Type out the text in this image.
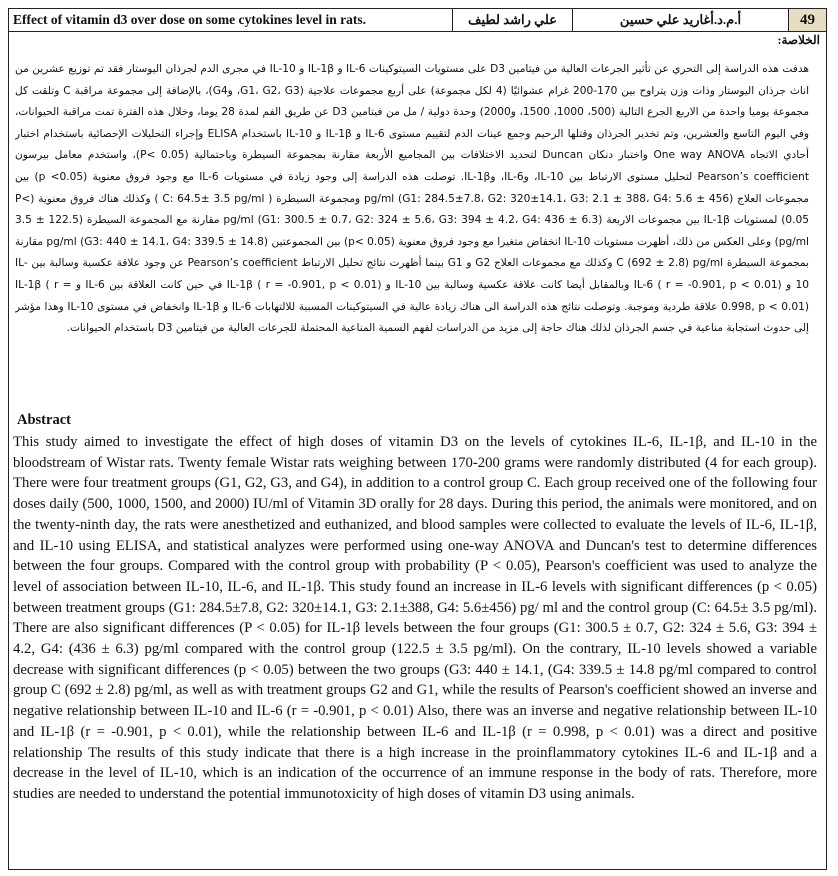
Effect of vitamin d3 over dose on some cytokines level in rats.	علي راشد لطيف	أ.م.د.أغاريد علي حسين	49
الخلاصة:
هدفت هذه الدراسة إلى التحري عن تأثير الجرعات العالية من فيتامين D3 على مستويات السيتوكينات IL-6 و IL-1β و IL-10 في مجرى الدم لجرذان اليوستار فقد تم توزيع عشرين من اناث جرذان اليوستار وذات وزن يتراوح بين 170-200 غرام عشوائيًا (4 لكل مجموعة) على أربع مجموعات علاجية (G1، G2، G3، وG4)، بالإضافة إلى مجموعة مراقبة C وتلقت كل مجموعة يوميا واحدة من الاربع الجرع التالية (500، 1000، 1500، و2000) وحدة دولية / مل من فيتامين D3 عن طريق الفم لمدة 28 يوما، وخلال هذه الفترة تمت مراقبة الحيوانات، وفي اليوم التاسع والعشرين، وتم تخدير الجرذان وقتلها الرحيم وجمع عينات الدم لتقييم مستوى IL-6 و IL-1β و IL-10 باستخدام ELISA وإجراء التحليلات الإحصائية باستخدام اختبار أحادي الاتجاه One way ANOVA واختبار دنكان Duncan لتحديد الاختلافات بين المجاميع الأربعة مقارنة بمجموعة السيطرة وباحتمالية (P< 0.05)، واستخدم معامل بيرسون Pearson’s coefficient لتحليل مستوى الارتباط بين IL-10، وIL-6، وIL-1β. توصلت هذه الدراسة إلى وجود زيادة في مستويات IL-6 مع وجود فروق معنوية (p <0.05) بين مجموعات العلاج (G1: 284.5±7.8، G2: 320±14.1، G3: 2.1 ± 388، G4: 5.6 ± 456) pg/ml ومجموعة السيطرة ( C: 64.5± 3.5 pg/ml ) وكذلك هناك فروق معنوية (P< 0.05) لمستويات IL-1β بين مجموعات الاربعة (G1: 300.5 ± 0.7، G2: 324 ± 5.6، G3: 394 ± 4.2، G4: 436 ± 6.3) pg/ml مقارنة مع المجموعة السيطرة (122.5 ± 3.5 pg/ml) وعلى العكس من ذلك، أظهرت مستويات IL-10 انخفاض متغيرا مع وجود فروق معنوية (p< 0.05) بين المجموعتين (G3: 440 ± 14.1، G4: 339.5 ± 14.8) pg/ml مقارنة بمجموعة السيطرة C (692 ± 2.8) pg/ml وكذلك مع مجموعات العلاج G2 و G1 بينما أظهرت نتائج تحليل الارتباط Pearson’s coefficient عن وجود علاقة عكسية وسالبة بين IL-10 و IL-6 ( r = -0.901, p < 0.01) وبالمقابل أيضا كانت علاقة عكسية وسالبة بين IL-10 و IL-1β ( r = -0.901, p < 0.01) في حين كانت العلاقة بين IL-6 و IL-1β ( r = 0.998, p < 0.01) علاقة طردية وموجبة. وتوصلت نتائج هذه الدراسة الى هناك زيادة عالية في السيتوكينات المسببة للالتهابات IL-6 و IL-1β وانخفاض في مستوى IL-10 وهذا مؤشر إلى حدوث استجابة مناعية في جسم الجرذان لذلك هناك حاجة إلى مزيد من الدراسات لفهم السمية المناعية المحتملة للجرعات العالية من فيتامين D3 باستخدام الحيوانات.
Abstract
This study aimed to investigate the effect of high doses of vitamin D3 on the levels of cytokines IL-6, IL-1β, and IL-10 in the bloodstream of Wistar rats. Twenty female Wistar rats weighing between 170-200 grams were randomly distributed (4 for each group). There were four treatment groups (G1, G2, G3, and G4), in addition to a control group C. Each group received one of the following four doses daily (500, 1000, 1500, and 2000) IU/ml of Vitamin 3D orally for 28 days. During this period, the animals were monitored, and on the twenty-ninth day, the rats were anesthetized and euthanized, and blood samples were collected to evaluate the levels of IL-6, IL-1β, and IL-10 using ELISA, and statistical analyzes were performed using one-way ANOVA and Duncan's test to determine differences between the four groups. Compared with the control group with probability (P < 0.05), Pearson's coefficient was used to analyze the level of association between IL-10, IL-6, and IL-1β. This study found an increase in IL-6 levels with significant differences (p < 0.05) between treatment groups (G1: 284.5±7.8, G2: 320±14.1, G3: 2.1±388, G4: 5.6±456) pg/ ml and the control group (C: 64.5± 3.5 pg/ml). There are also significant differences (P < 0.05) for IL-1β levels between the four groups (G1: 300.5 ± 0.7, G2: 324 ± 5.6, G3: 394 ± 4.2, G4: (436 ± 6.3) pg/ml compared with the control group (122.5 ± 3.5 pg/ml). On the contrary, IL-10 levels showed a variable decrease with significant differences (p < 0.05) between the two groups (G3: 440 ± 14.1, (G4: 339.5 ± 14.8 pg/ml compared to control group C (692 ± 2.8) pg/ml, as well as with treatment groups G2 and G1, while the results of Pearson's coefficient showed an inverse and negative relationship between IL-10 and IL-6 (r = -0.901, p < 0.01) Also, there was an inverse and negative relationship between IL-10 and IL-1β (r = -0.901, p < 0.01), while the relationship between IL-6 and IL-1β (r = 0.998, p < 0.01) was a direct and positive relationship The results of this study indicate that there is a high increase in the proinflammatory cytokines IL-6 and IL-1β and a decrease in the level of IL-10, which is an indication of the occurrence of an immune response in the body of rats. Therefore, more studies are needed to understand the potential immunotoxicity of high doses of vitamin D3 using animals.
